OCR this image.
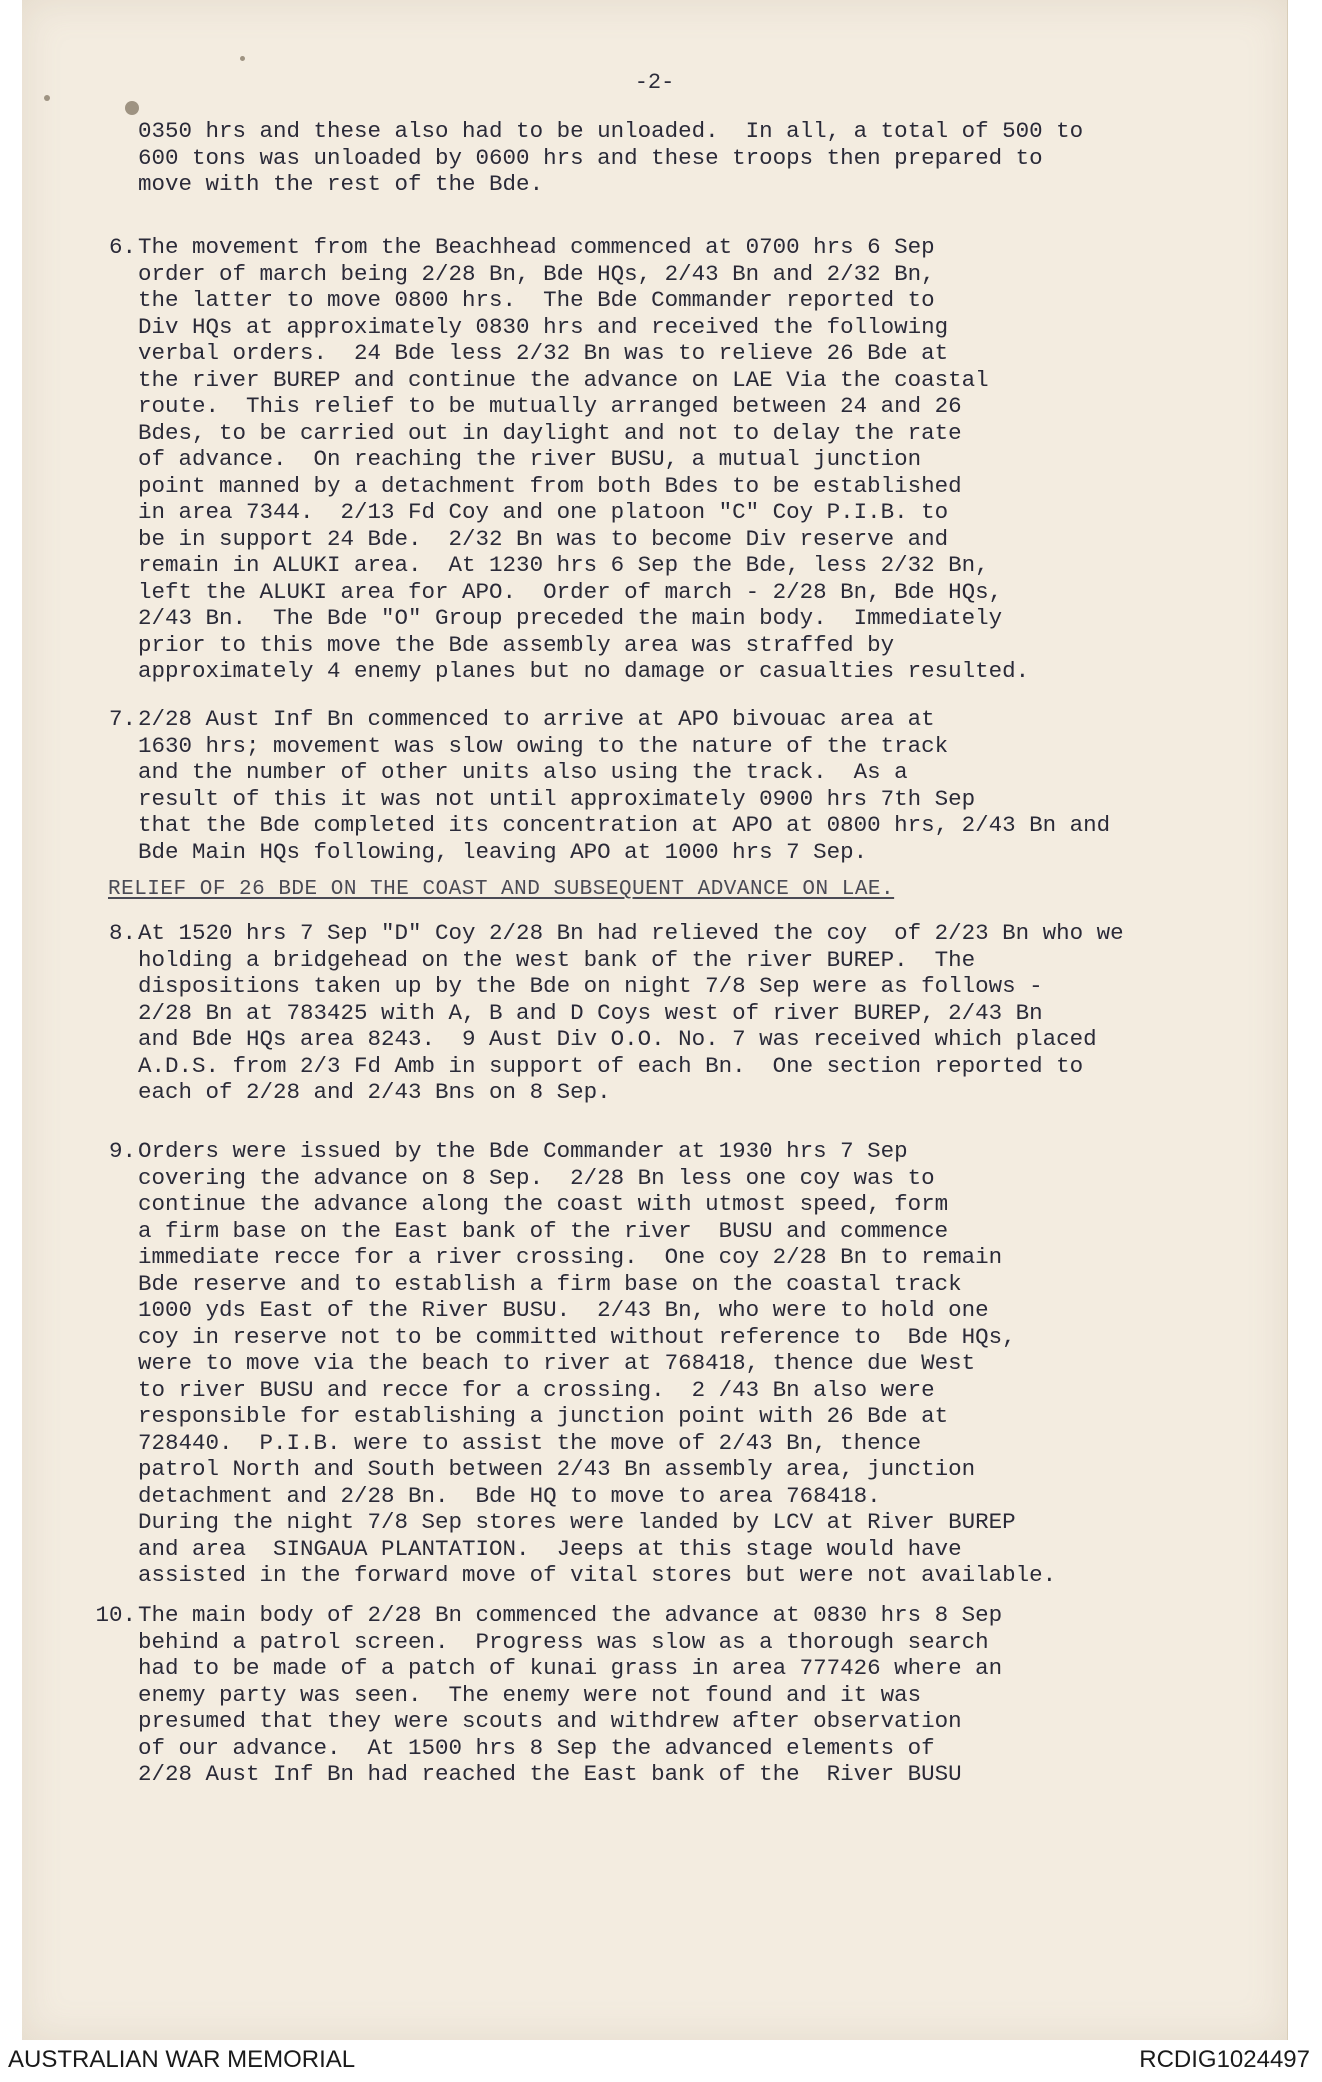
-2-
0350 hrs and these also had to be unloaded.  In all, a total of 500 to
600 tons was unloaded by 0600 hrs and these troops then prepared to
move with the rest of the Bde.
6. The movement from the Beachhead commenced at 0700 hrs 6 Sep
order of march being 2/28 Bn, Bde HQs, 2/43 Bn and 2/32 Bn,
the latter to move 0800 hrs.  The Bde Commander reported to
Div HQs at approximately 0830 hrs and received the following
verbal orders.  24 Bde less 2/32 Bn was to relieve 26 Bde at
the river BUREP and continue the advance on LAE Via the coastal
route.  This relief to be mutually arranged between 24 and 26
Bdes, to be carried out in daylight and not to delay the rate
of advance.  On reaching the river BUSU, a mutual junction
point manned by a detachment from both Bdes to be established
in area 7344.  2/13 Fd Coy and one platoon "C" Coy P.I.B. to
be in support 24 Bde.  2/32 Bn was to become Div reserve and
remain in ALUKI area.  At 1230 hrs 6 Sep the Bde, less 2/32 Bn,
left the ALUKI area for APO.  Order of march - 2/28 Bn, Bde HQs,
2/43 Bn.  The Bde "O" Group preceded the main body.  Immediately
prior to this move the Bde assembly area was straffed by
approximately 4 enemy planes but no damage or casualties resulted.
7. 2/28 Aust Inf Bn commenced to arrive at APO bivouac area at
1630 hrs; movement was slow owing to the nature of the track
and the number of other units also using the track.  As a
result of this it was not until approximately 0900 hrs 7th Sep
that the Bde completed its concentration at APO at 0800 hrs, 2/43 Bn and
Bde Main HQs following, leaving APO at 1000 hrs 7 Sep.
RELIEF OF 26 BDE ON THE COAST AND SUBSEQUENT ADVANCE ON LAE.
8. At 1520 hrs 7 Sep "D" Coy 2/28 Bn had relieved the coy  of 2/23 Bn who we
holding a bridgehead on the west bank of the river BUREP.  The
dispositions taken up by the Bde on night 7/8 Sep were as follows -
2/28 Bn at 783425 with A, B and D Coys west of river BUREP, 2/43 Bn
and Bde HQs area 8243.  9 Aust Div O.O. No. 7 was received which placed
A.D.S. from 2/3 Fd Amb in support of each Bn.  One section reported to
each of 2/28 and 2/43 Bns on 8 Sep.
9. Orders were issued by the Bde Commander at 1930 hrs 7 Sep
covering the advance on 8 Sep.  2/28 Bn less one coy was to
continue the advance along the coast with utmost speed, form
a firm base on the East bank of the river  BUSU and commence
immediate recce for a river crossing.  One coy 2/28 Bn to remain
Bde reserve and to establish a firm base on the coastal track
1000 yds East of the River BUSU.  2/43 Bn, who were to hold one
coy in reserve not to be committed without reference to  Bde HQs,
were to move via the beach to river at 768418, thence due West
to river BUSU and recce for a crossing.  2 /43 Bn also were
responsible for establishing a junction point with 26 Bde at
728440.  P.I.B. were to assist the move of 2/43 Bn, thence
patrol North and South between 2/43 Bn assembly area, junction
detachment and 2/28 Bn.  Bde HQ to move to area 768418.
During the night 7/8 Sep stores were landed by LCV at River BUREP
and area  SINGAUA PLANTATION.  Jeeps at this stage would have
assisted in the forward move of vital stores but were not available.
10. The main body of 2/28 Bn commenced the advance at 0830 hrs 8 Sep
behind a patrol screen.  Progress was slow as a thorough search
had to be made of a patch of kunai grass in area 777426 where an
enemy party was seen.  The enemy were not found and it was
presumed that they were scouts and withdrew after observation
of our advance.  At 1500 hrs 8 Sep the advanced elements of
2/28 Aust Inf Bn had reached the East bank of the  River BUSU
AUSTRALIAN WAR MEMORIAL	RCDIG1024497
